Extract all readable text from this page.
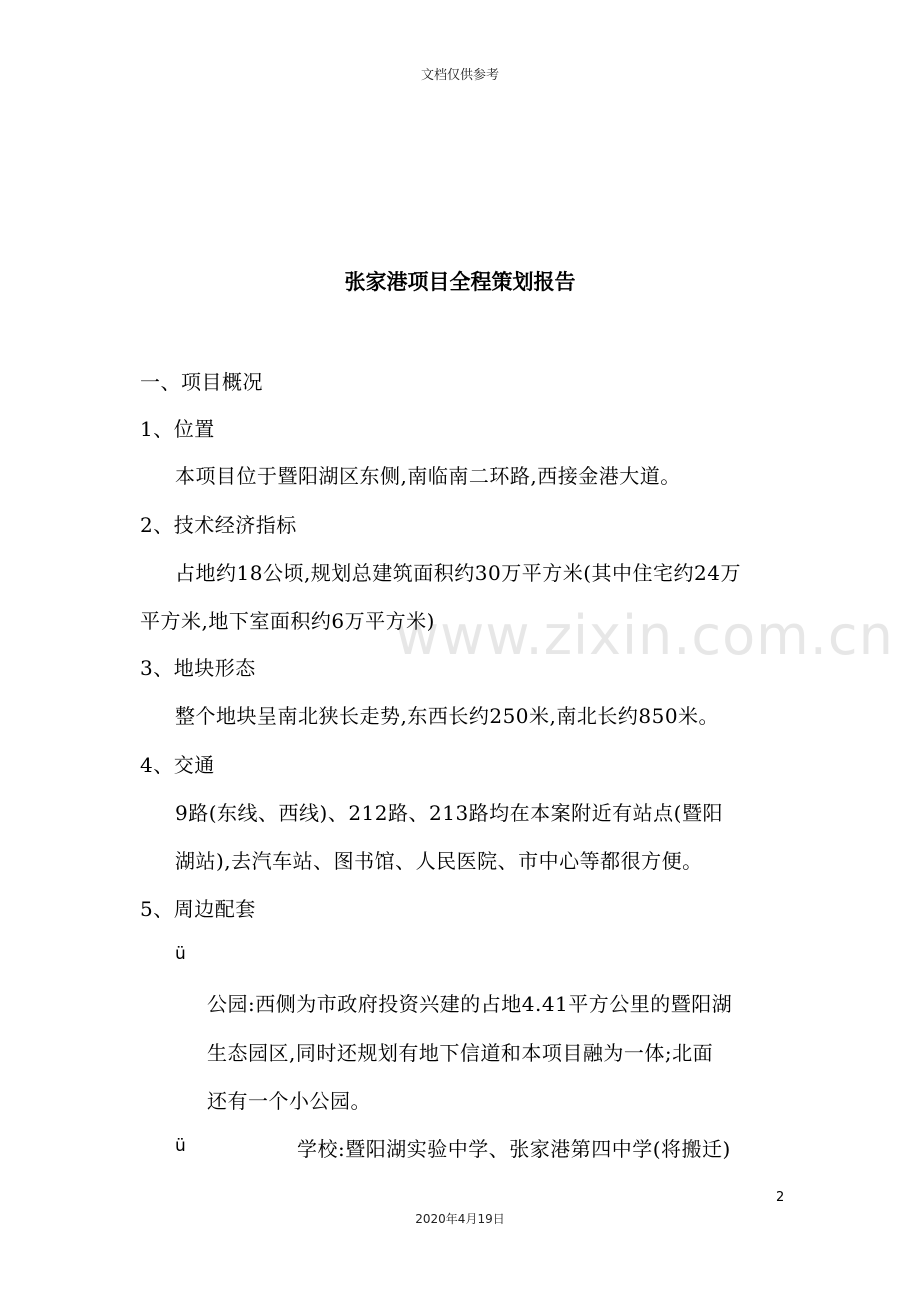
文档仅供参考
张家港项目全程策划报告
一、项目概况
1、位置
本项目位于暨阳湖区东侧,南临南二环路,西接金港大道。
2、技术经济指标
占地约18公顷,规划总建筑面积约30万平方米(其中住宅约24万
平方米,地下室面积约6万平方米)
3、地块形态
整个地块呈南北狭长走势,东西长约250米,南北长约850米。
4、交通
9路(东线、西线)、212路、213路均在本案附近有站点(暨阳
湖站),去汽车站、图书馆、人民医院、市中心等都很方便。
5、周边配套
ü
公园:西侧为市政府投资兴建的占地4.41平方公里的暨阳湖
生态园区,同时还规划有地下信道和本项目融为一体;北面
还有一个小公园。
ü	学校:暨阳湖实验中学、张家港第四中学(将搬迁)
www.zixin.com.cn
2
2020年4月19日
